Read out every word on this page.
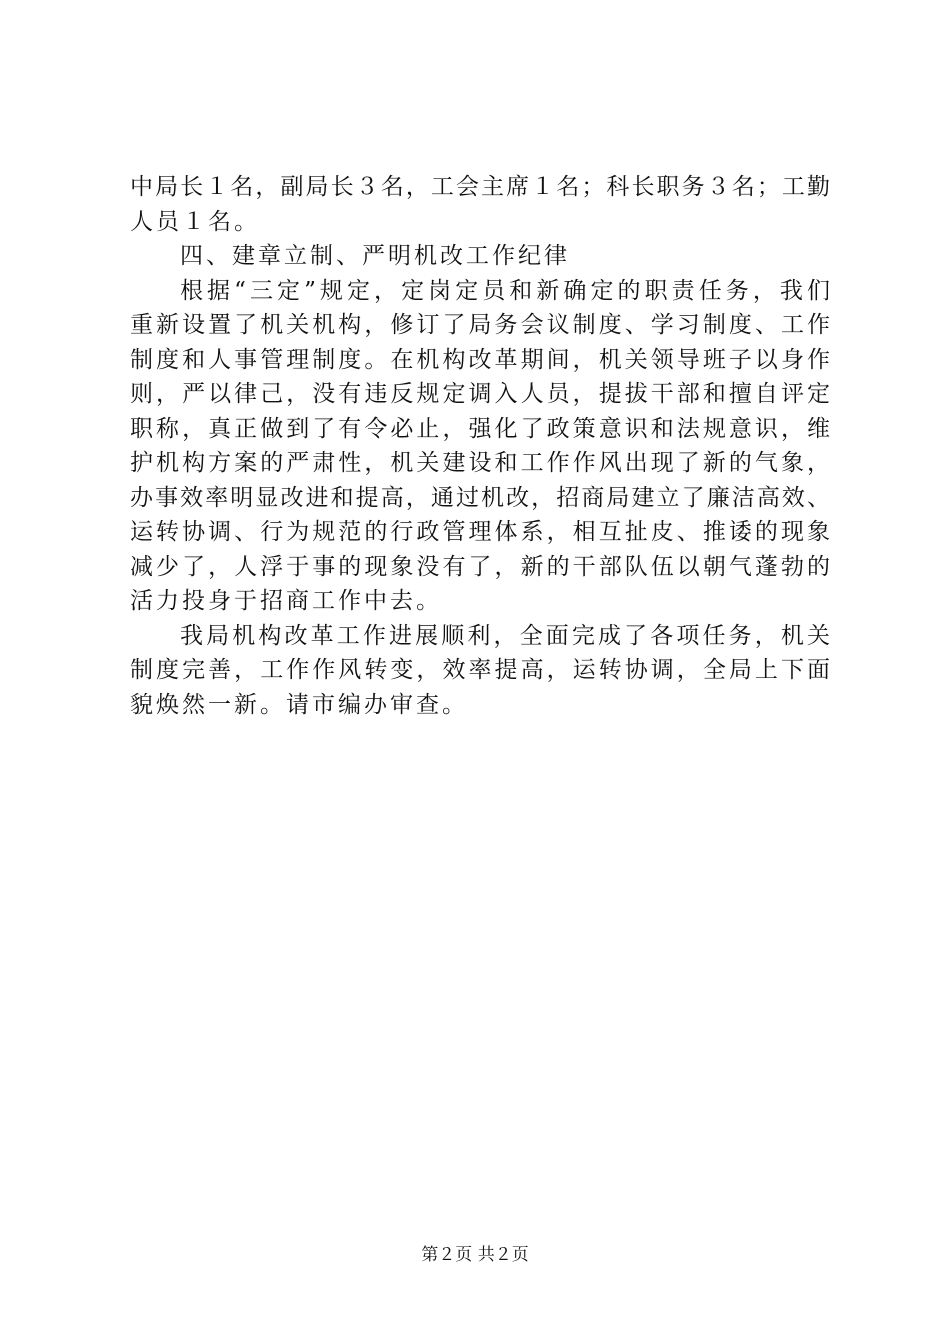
中局长１名，副局长３名，工会主席１名；科长职务３名；工勤
人员１名。
四、建章立制、严明机改工作纪律
根据“三定”规定，定岗定员和新确定的职责任务，我们
重新设置了机关机构，修订了局务会议制度、学习制度、工作
制度和人事管理制度。在机构改革期间，机关领导班子以身作
则，严以律己，没有违反规定调入人员，提拔干部和擅自评定
职称，真正做到了有令必止，强化了政策意识和法规意识，维
护机构方案的严肃性，机关建设和工作作风出现了新的气象，
办事效率明显改进和提高，通过机改，招商局建立了廉洁高效、
运转协调、行为规范的行政管理体系，相互扯皮、推诿的现象
减少了，人浮于事的现象没有了，新的干部队伍以朝气蓬勃的
活力投身于招商工作中去。
我局机构改革工作进展顺利，全面完成了各项任务，机关
制度完善，工作作风转变，效率提高，运转协调，全局上下面
貌焕然一新。请市编办审查。
第２页 共２页
